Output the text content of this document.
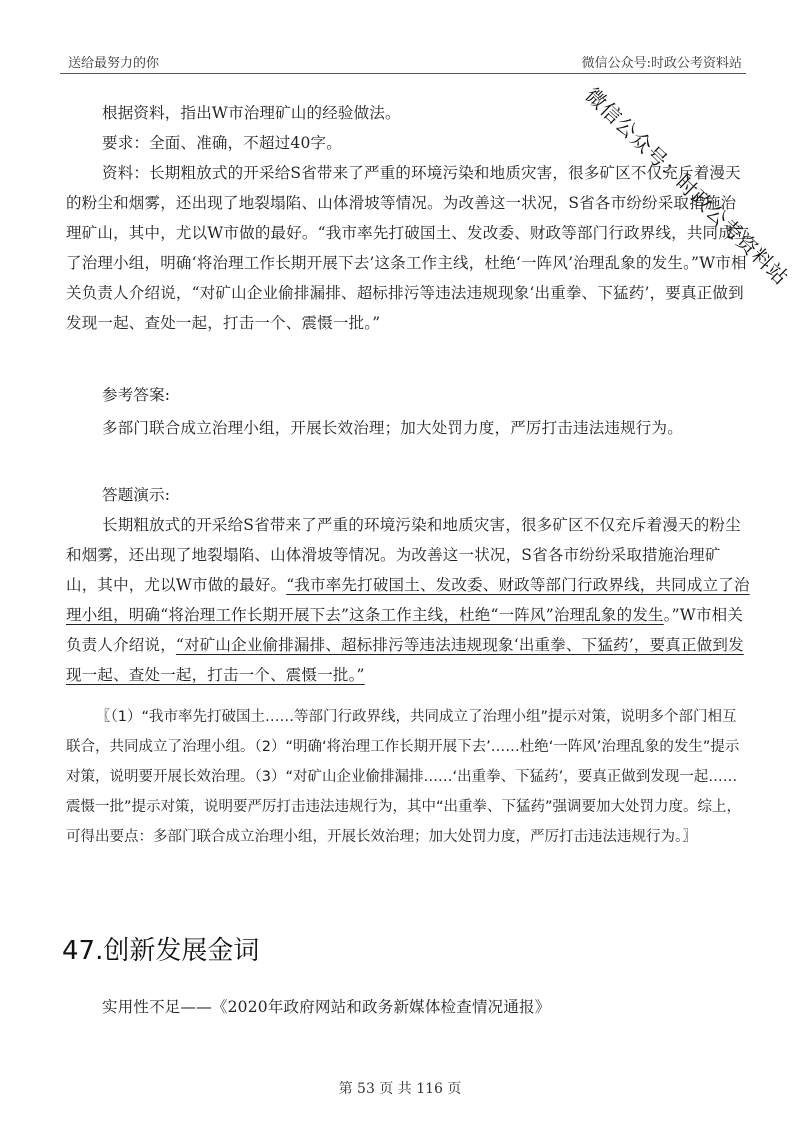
送给最努力的你	微信公众号:时政公考资料站
微信公众号：时政公考资料站

根据资料，指出W市治理矿山的经验做法。

要求：全面、准确，不超过40字。

资料：长期粗放式的开采给S省带来了严重的环境污染和地质灾害，很多矿区不仅充斥着漫天的粉尘和烟雾，还出现了地裂塌陷、山体滑坡等情况。为改善这一状况，S省各市纷纷采取措施治理矿山，其中，尤以W市做的最好。“我市率先打破国土、发改委、财政等部门行政界线，共同成立了治理小组，明确‘将治理工作长期开展下去’这条工作主线，杜绝‘一阵风’治理乱象的发生。”W市相关负责人介绍说，“对矿山企业偷排漏排、超标排污等违法违规现象‘出重拳、下猛药’，要真正做到发现一起、查处一起，打击一个、震慑一批。”

参考答案:

多部门联合成立治理小组，开展长效治理；加大处罚力度，严厉打击违法违规行为。

答题演示:

长期粗放式的开采给S省带来了严重的环境污染和地质灾害，很多矿区不仅充斥着漫天的粉尘和烟雾，还出现了地裂塌陷、山体滑坡等情况。为改善这一状况，S省各市纷纷采取措施治理矿山，其中，尤以W市做的最好。“我市率先打破国土、发改委、财政等部门行政界线，共同成立了治理小组，明确“将治理工作长期开展下去”这条工作主线，杜绝“一阵风”治理乱象的发生。”W市相关负责人介绍说，“对矿山企业偷排漏排、超标排污等违法违规现象‘出重拳、下猛药’，要真正做到发现一起、查处一起，打击一个、震慑一批。”

〖（1）“我市率先打破国土……等部门行政界线，共同成立了治理小组”提示对策，说明多个部门相互联合，共同成立了治理小组。（2）“明确‘将治理工作长期开展下去’……杜绝‘一阵风’治理乱象的发生”提示对策，说明要开展长效治理。（3）“对矿山企业偷排漏排……‘出重拳、下猛药’，要真正做到发现一起……震慑一批”提示对策，说明要严厉打击违法违规行为，其中“出重拳、下猛药”强调要加大处罚力度。综上，可得出要点：多部门联合成立治理小组，开展长效治理；加大处罚力度，严厉打击违法违规行为。〗

47.创新发展金词

实用性不足——《2020年政府网站和政务新媒体检查情况通报》

第 53 页 共 116 页
